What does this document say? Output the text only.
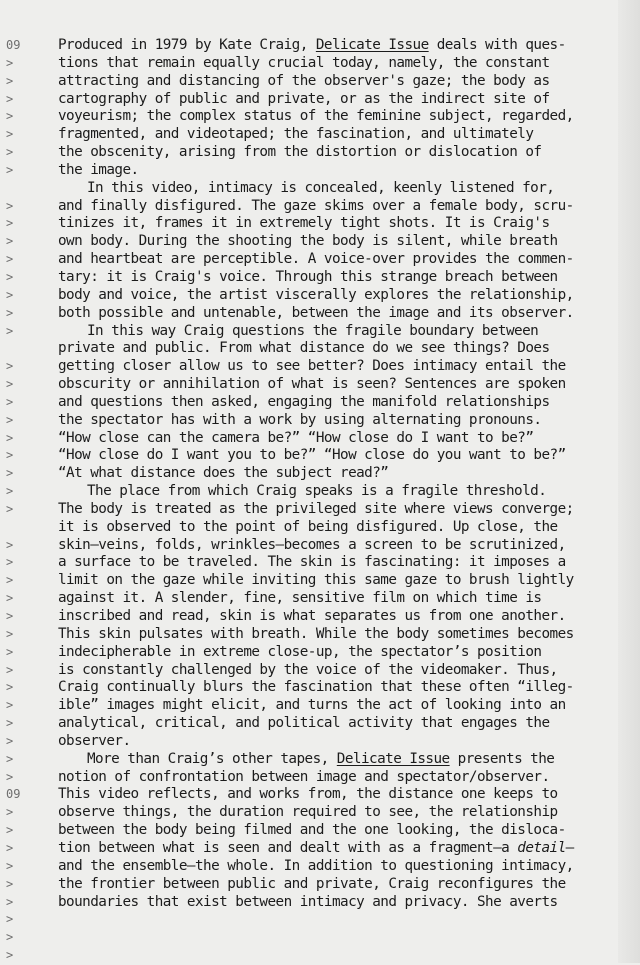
09
>
>
>
>
>
>
>
>
>
>
>
>
>
>
>
>
>
>
>
>
>
>
>
>
>
>
>
>
>
>
>
>
>
>
>
>
>
>
09
>
>
>
>
>
>
>
>
>
Produced in 1979 by Kate Craig, Delicate Issue deals with ques-
tions that remain equally crucial today, namely, the constant
attracting and distancing of the observer's gaze; the body as
cartography of public and private, or as the indirect site of
voyeurism; the complex status of the feminine subject, regarded,
fragmented, and videotaped; the fascination, and ultimately
the obscenity, arising from the distortion or dislocation of
the image.
In this video, intimacy is concealed, keenly listened for,
and finally disfigured. The gaze skims over a female body, scru-
tinizes it, frames it in extremely tight shots. It is Craig's
own body. During the shooting the body is silent, while breath
and heartbeat are perceptible. A voice-over provides the commen-
tary: it is Craig's voice. Through this strange breach between
body and voice, the artist viscerally explores the relationship,
both possible and untenable, between the image and its observer.
In this way Craig questions the fragile boundary between
private and public. From what distance do we see things? Does
getting closer allow us to see better? Does intimacy entail the
obscurity or annihilation of what is seen? Sentences are spoken
and questions then asked, engaging the manifold relationships
the spectator has with a work by using alternating pronouns.
“How close can the camera be?” “How close do I want to be?”
“How close do I want you to be?” “How close do you want to be?”
“At what distance does the subject read?”
The place from which Craig speaks is a fragile threshold.
The body is treated as the privileged site where views converge;
it is observed to the point of being disfigured. Up close, the
skin—veins, folds, wrinkles—becomes a screen to be scrutinized,
a surface to be traveled. The skin is fascinating: it imposes a
limit on the gaze while inviting this same gaze to brush lightly
against it. A slender, fine, sensitive film on which time is
inscribed and read, skin is what separates us from one another.
This skin pulsates with breath. While the body sometimes becomes
indecipherable in extreme close-up, the spectator’s position
is constantly challenged by the voice of the videomaker. Thus,
Craig continually blurs the fascination that these often “illeg-
ible” images might elicit, and turns the act of looking into an
analytical, critical, and political activity that engages the
observer.
More than Craig’s other tapes, Delicate Issue presents the
notion of confrontation between image and spectator/observer.
This video reflects, and works from, the distance one keeps to
observe things, the duration required to see, the relationship
between the body being filmed and the one looking, the disloca-
tion between what is seen and dealt with as a fragment—a detail—
and the ensemble—the whole. In addition to questioning intimacy,
the frontier between public and private, Craig reconfigures the
boundaries that exist between intimacy and privacy. She averts
